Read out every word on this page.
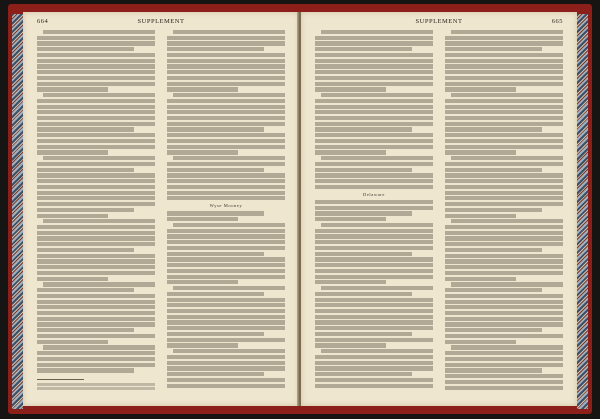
664	SUPPLEMENT
Wyse Mooney
SUPPLEMENT	665
Delaware
